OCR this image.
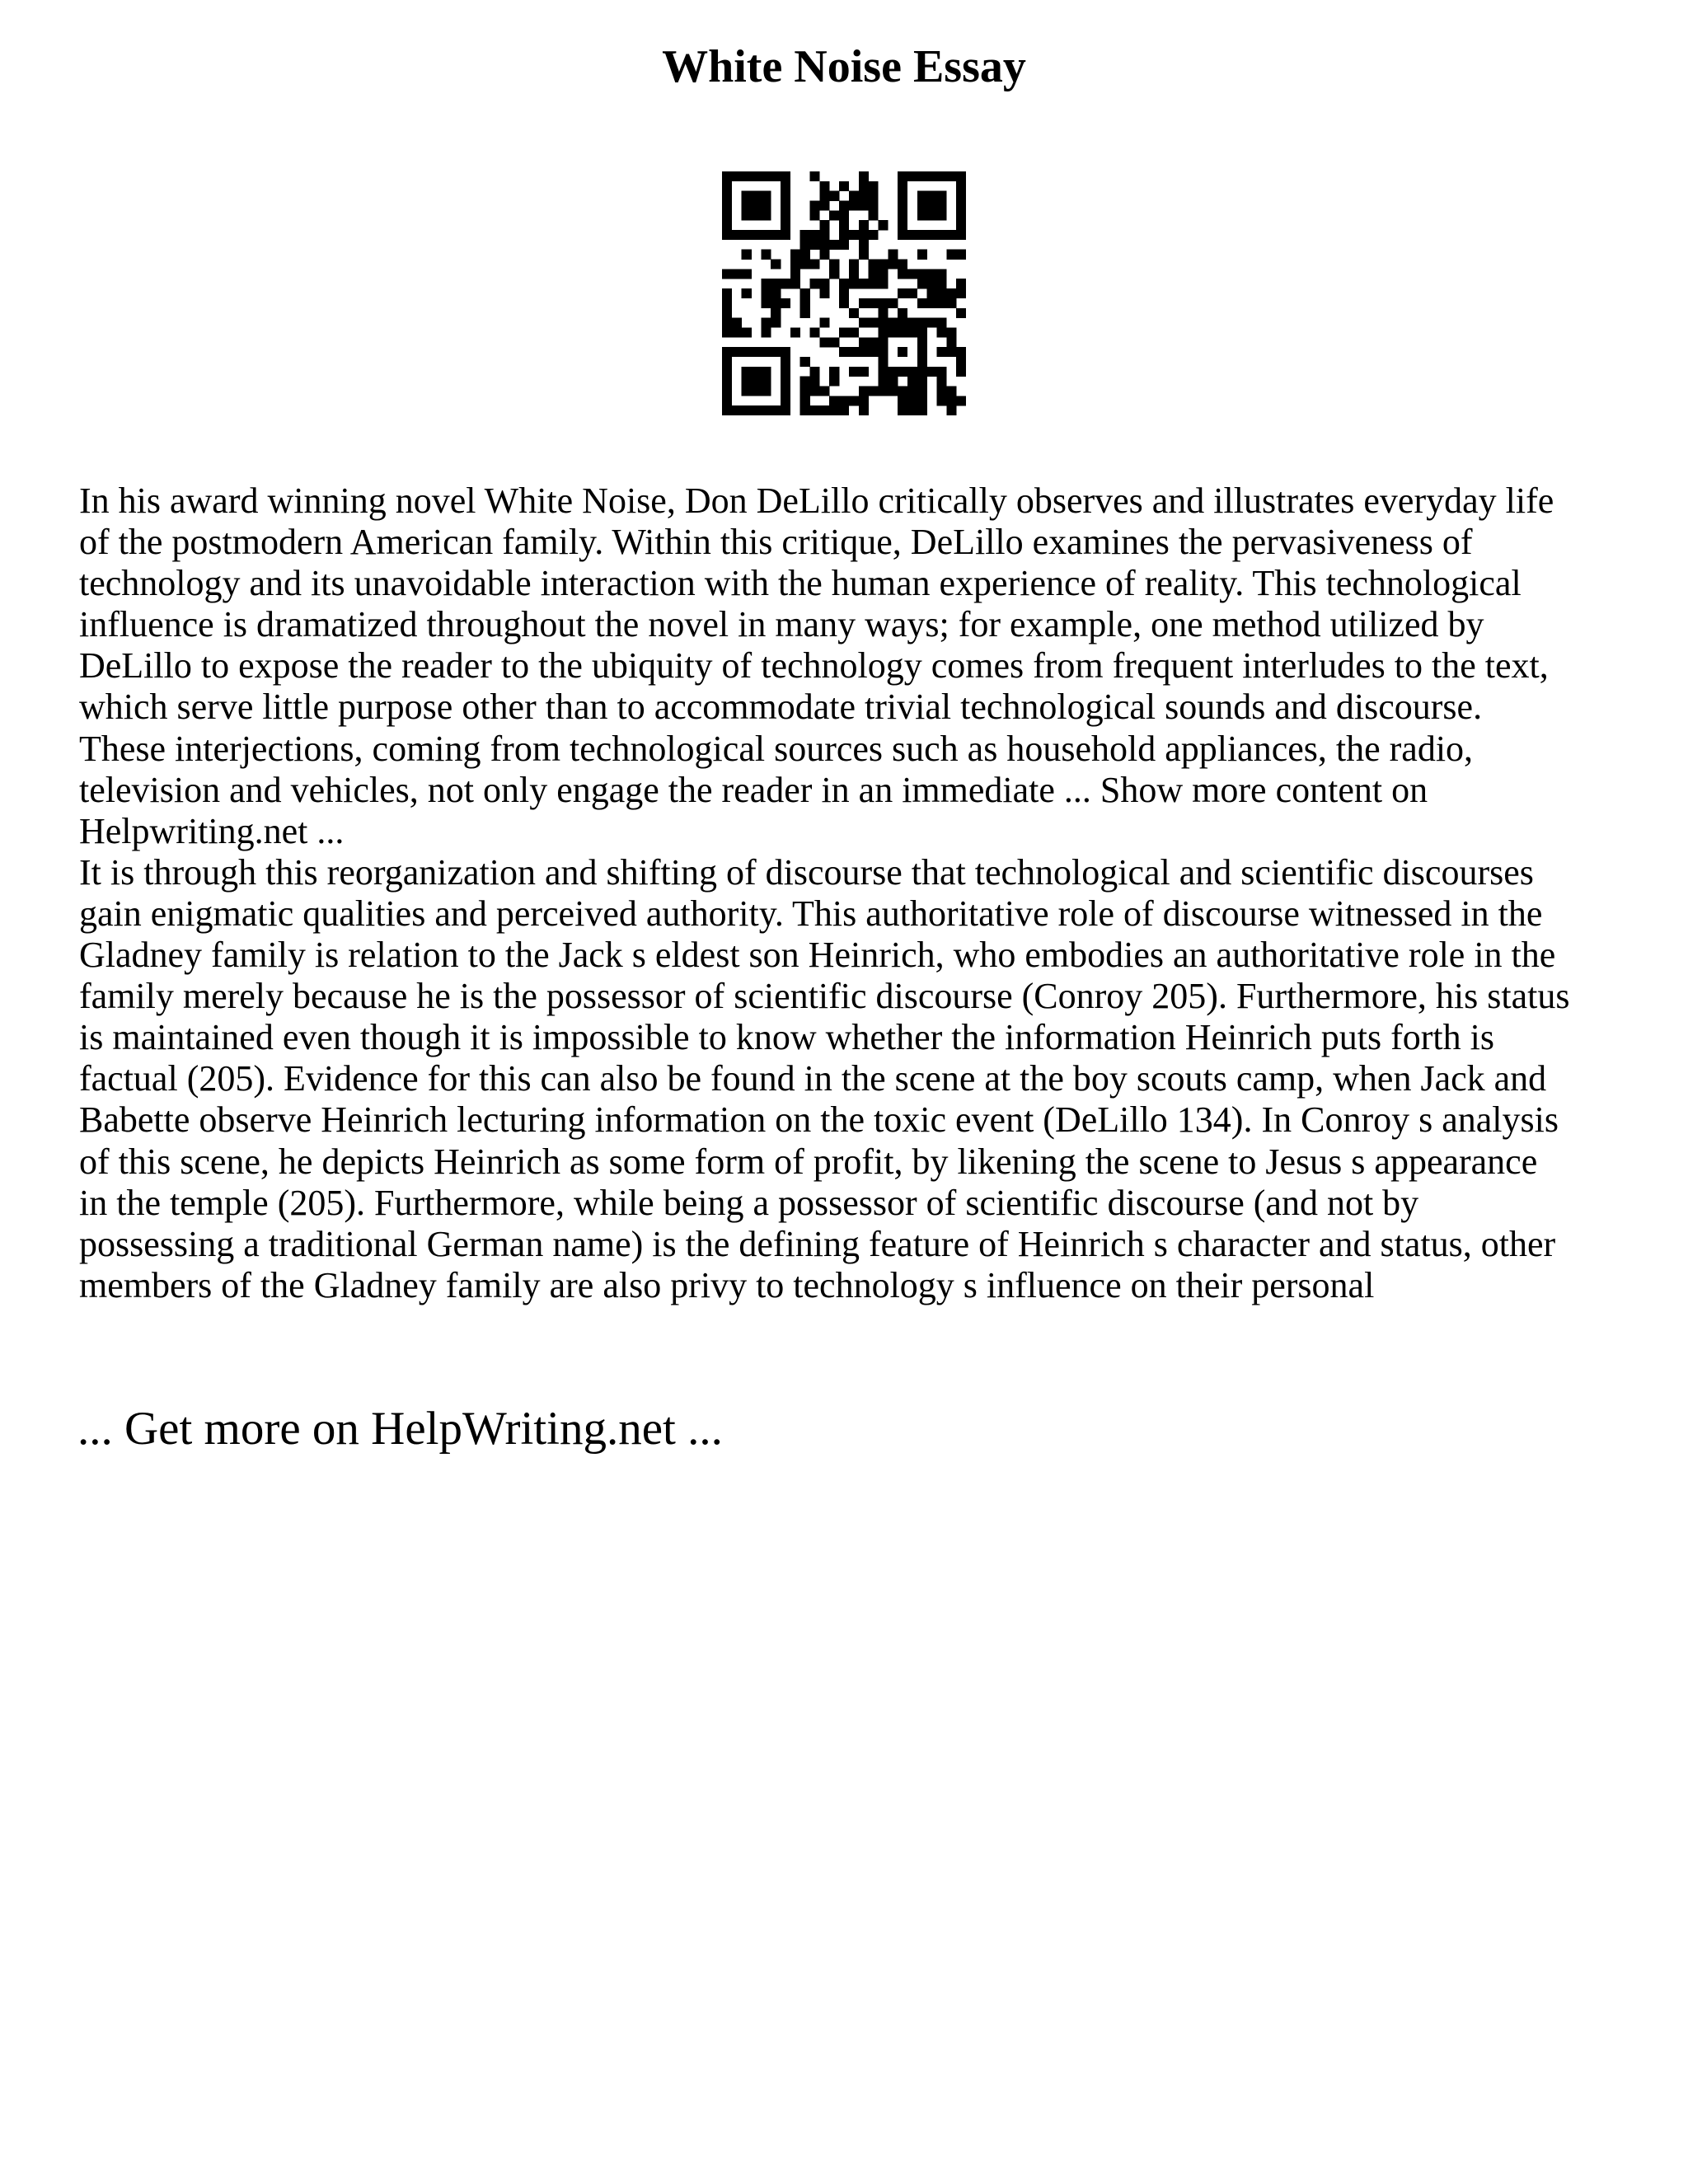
White Noise Essay
In his award winning novel White Noise, Don DeLillo critically observes and illustrates everyday life
of the postmodern American family. Within this critique, DeLillo examines the pervasiveness of
technology and its unavoidable interaction with the human experience of reality. This technological
influence is dramatized throughout the novel in many ways; for example, one method utilized by
DeLillo to expose the reader to the ubiquity of technology comes from frequent interludes to the text,
which serve little purpose other than to accommodate trivial technological sounds and discourse.
These interjections, coming from technological sources such as household appliances, the radio,
television and vehicles, not only engage the reader in an immediate ... Show more content on
Helpwriting.net ...
It is through this reorganization and shifting of discourse that technological and scientific discourses
gain enigmatic qualities and perceived authority. This authoritative role of discourse witnessed in the
Gladney family is relation to the Jack s eldest son Heinrich, who embodies an authoritative role in the
family merely because he is the possessor of scientific discourse (Conroy 205). Furthermore, his status
is maintained even though it is impossible to know whether the information Heinrich puts forth is
factual (205). Evidence for this can also be found in the scene at the boy scouts camp, when Jack and
Babette observe Heinrich lecturing information on the toxic event (DeLillo 134). In Conroy s analysis
of this scene, he depicts Heinrich as some form of profit, by likening the scene to Jesus s appearance
in the temple (205). Furthermore, while being a possessor of scientific discourse (and not by
possessing a traditional German name) is the defining feature of Heinrich s character and status, other
members of the Gladney family are also privy to technology s influence on their personal
... Get more on HelpWriting.net ...
